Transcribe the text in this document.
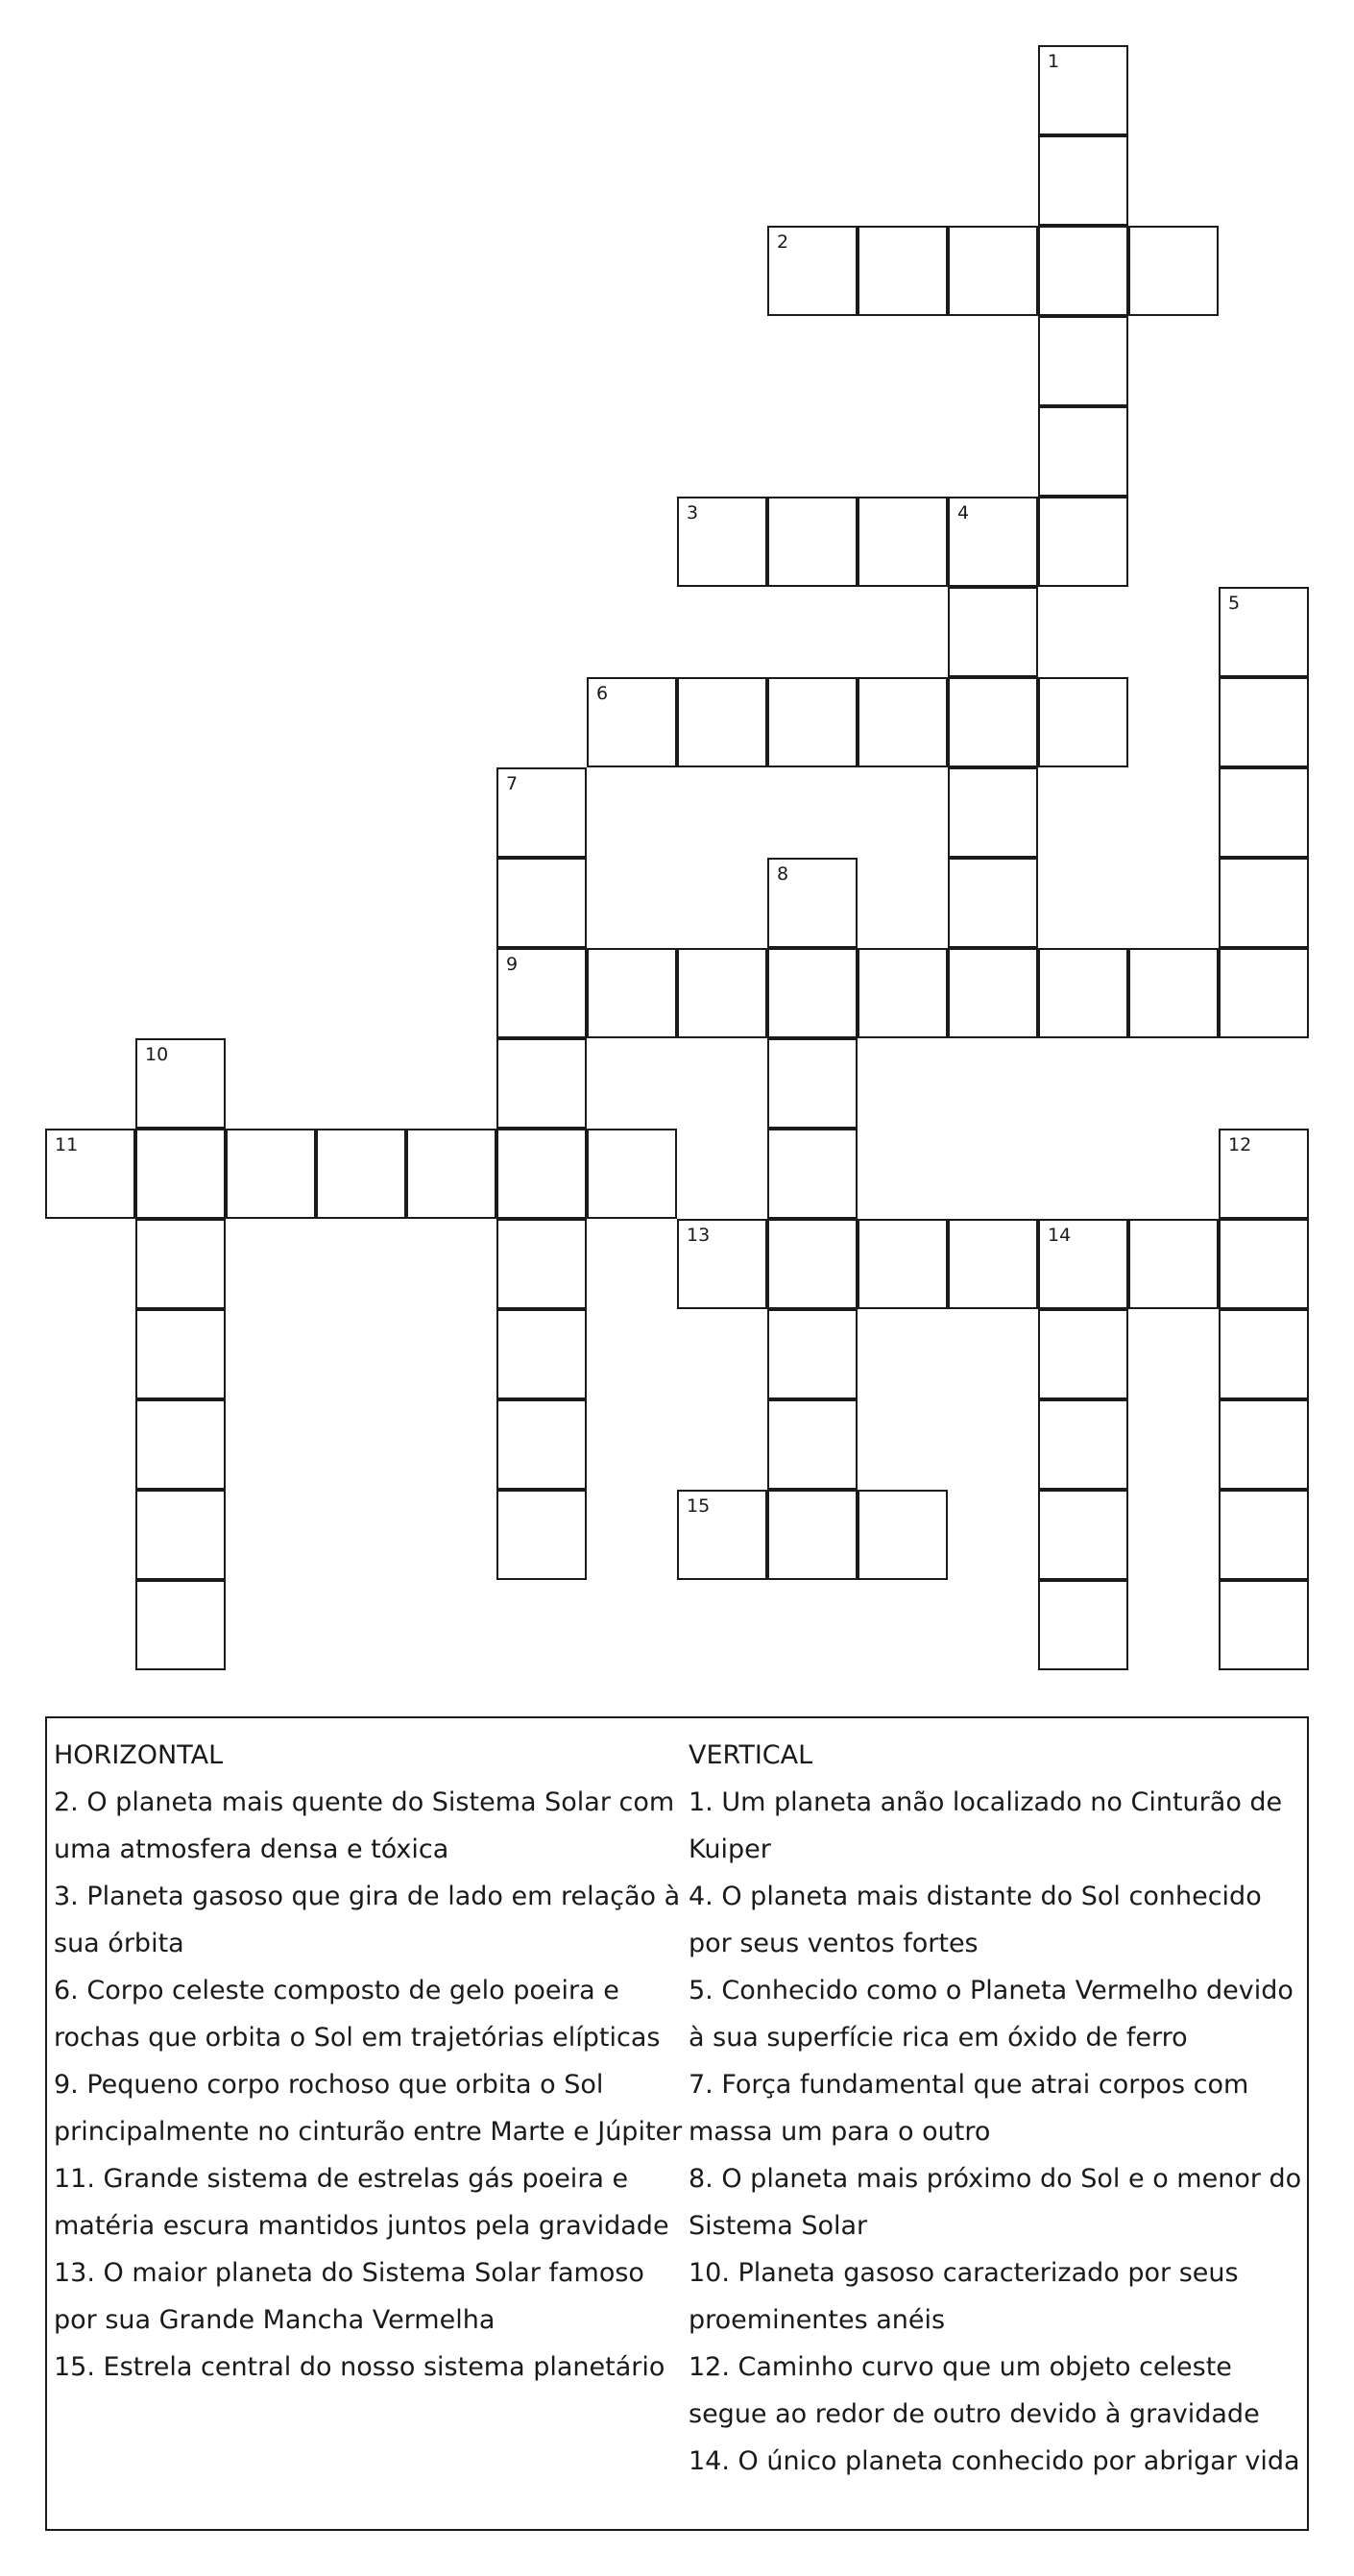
1
2
3	4
5
6
7
9
8
10
11	12
13	14
15
HORIZONTAL

2. O planeta mais quente do Sistema Solar com uma atmosfera densa e tóxica

3. Planeta gasoso que gira de lado em relação à sua órbita

6. Corpo celeste composto de gelo poeira e rochas que orbita o Sol em trajetórias elípticas

9. Pequeno corpo rochoso que orbita o Sol principalmente no cinturão entre Marte e Júpiter

11. Grande sistema de estrelas gás poeira e matéria escura mantidos juntos pela gravidade

13. O maior planeta do Sistema Solar famoso por sua Grande Mancha Vermelha

15. Estrela central do nosso sistema planetário

VERTICAL

1. Um planeta anão localizado no Cinturão de Kuiper

4. O planeta mais distante do Sol conhecido por seus ventos fortes

5. Conhecido como o Planeta Vermelho devido à sua superfície rica em óxido de ferro

7. Força fundamental que atrai corpos com massa um para o outro

8. O planeta mais próximo do Sol e o menor do Sistema Solar

10. Planeta gasoso caracterizado por seus proeminentes anéis

12. Caminho curvo que um objeto celeste segue ao redor de outro devido à gravidade

14. O único planeta conhecido por abrigar vida
